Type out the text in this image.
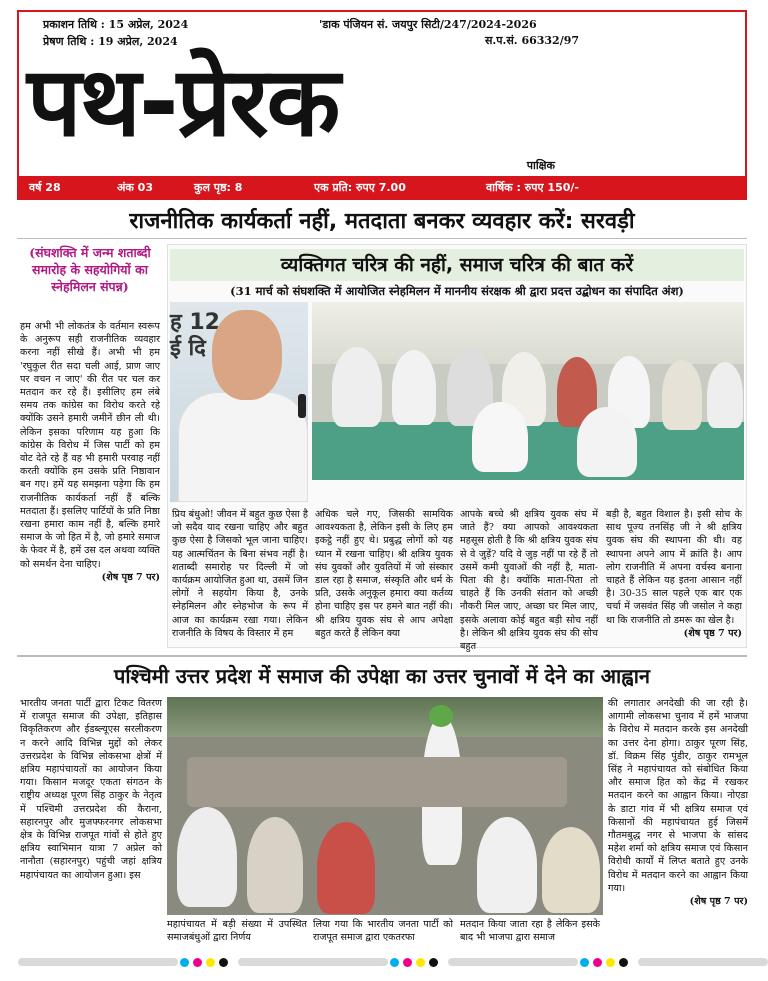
प्रकाशन तिथि : 15 अप्रेल, 2024
प्रेषण तिथि : 19 अप्रेल, 2024
'डाक पंजियन सं. जयपुर सिटी/247/2024-2026
स.प.सं. 66332/97
पथ-प्रेरक
पाक्षिक
वर्ष 28	अंक 03	कुल पृष्ठ: 8	एक प्रति: रुपए 7.00	वार्षिक : रुपए 150/-
राजनीतिक कार्यकर्ता नहीं, मतदाता बनकर व्यवहार करें: सरवड़ी
(संघशक्ति में जन्म शताब्दी समारोह के सहयोगियों का स्नेहमिलन संपन्न)
हम अभी भी लोकतंत्र के वर्तमान स्वरूप के अनुरूप सही राजनीतिक व्यवहार करना नहीं सीखे हैं। अभी भी हम 'रघुकुल रीत सदा चली आई, प्राण जाए पर वचन न जाए' की रीत पर चल कर मतदान कर रहे हैं। इसीलिए हम लंबे समय तक कांग्रेस का विरोध करते रहे क्योंकि उसने हमारी जमीनें छीन ली थी। लेकिन इसका परिणाम यह हुआ कि कांग्रेस के विरोध में जिस पार्टी को हम वोट देते रहे हैं वह भी हमारी परवाह नहीं करती क्योंकि हम उसके प्रति निष्ठावान बन गए। हमें यह समझना पड़ेगा कि हम राजनीतिक कार्यकर्ता नहीं हैं बल्कि मतदाता हैं। इसलिए पार्टियों के प्रति निष्ठा रखना हमारा काम नहीं है, बल्कि हमारे समाज के जो हित में है, जो हमारे समाज के फेवर में है, हमें उस दल अथवा व्यक्ति को समर्थन देना चाहिए।
(शेष पृष्ठ 7 पर)
व्यक्तिगत चरित्र की नहीं, समाज चरित्र की बात करें
(31 मार्च को संघशक्ति में आयोजित स्नेहमिलन में माननीय संरक्षक श्री द्वारा प्रदत्त उद्बोधन का संपादित अंश)
ह 12
ई दि
प्रिय बंधुओ! जीवन में बहुत कुछ ऐसा है जो सदैव याद रखना चाहिए और बहुत कुछ ऐसा है जिसको भूल जाना चाहिए। यह आत्मचिंतन के बिना संभव नहीं है। शताब्दी समारोह पर दिल्ली में जो कार्यक्रम आयोजित हुआ था, उसमें जिन लोगों ने सहयोग किया है, उनके स्नेहमिलन और स्नेहभोज के रूप में आज का कार्यक्रम रखा गया। लेकिन राजनीति के विषय के विस्तार में हम
अधिक चले गए, जिसकी सामयिक आवश्यकता है, लेकिन इसी के लिए हम इकट्ठे नहीं हुए थे। प्रबुद्ध लोगों को यह ध्यान में रखना चाहिए। श्री क्षत्रिय युवक संघ युवकों और युवतियों में जो संस्कार डाल रहा है समाज, संस्कृति और धर्म के प्रति, उसके अनुकूल हमारा क्या कर्तव्य होना चाहिए इस पर हमने बात नहीं की। श्री क्षत्रिय युवक संघ से आप अपेक्षा बहुत करते हैं लेकिन क्या
आपके बच्चे श्री क्षत्रिय युवक संघ में जाते हैं? क्या आपको आवश्यकता महसूस होती है कि श्री क्षत्रिय युवक संघ से वे जुड़ें? यदि वे जुड़ नहीं पा रहे हैं तो उसमें कमी युवाओं की नहीं है, माता-पिता की है। क्योंकि माता-पिता तो चाहते हैं कि उनकी संतान को अच्छी नौकरी मिल जाए, अच्छा घर मिल जाए, इसके अलावा कोई बहुत बड़ी सोच नहीं है। लेकिन श्री क्षत्रिय युवक संघ की सोच बहुत
बड़ी है, बहुत विशाल है। इसी सोच के साथ पूज्य तनसिंह जी ने श्री क्षत्रिय युवक संघ की स्थापना की थी। वह स्थापना अपने आप में क्रांति है। आप लोग राजनीति में अपना वर्चस्व बनाना चाहते हैं लेकिन यह इतना आसान नहीं है। 30-35 साल पहले एक बार एक चर्चा में जसवंत सिंह जी जसोल ने कहा था कि राजनीति तो डमरू का खेल है।
(शेष पृष्ठ 7 पर)
पश्चिमी उत्तर प्रदेश में समाज की उपेक्षा का उत्तर चुनावों में देने का आह्वान
भारतीय जनता पार्टी द्वारा टिकट वितरण में राजपूत समाज की उपेक्षा, इतिहास विकृतिकरण और ईडब्ल्यूएस सरलीकरण न करने आदि विभिन्न मुद्दों को लेकर उत्तरप्रदेश के विभिन्न लोकसभा क्षेत्रों में क्षत्रिय महापंचायतों का आयोजन किया गया। किसान मजदूर एकता संगठन के राष्ट्रीय अध्यक्ष पूरण सिंह ठाकुर के नेतृत्व में पश्चिमी उत्तरप्रदेश की कैराना, सहारनपुर और मुजफ्फरनगर लोकसभा क्षेत्र के विभिन्न राजपूत गांवों से होते हुए क्षत्रिय स्वाभिमान यात्रा 7 अप्रेल को नानौता (सहारनपुर) पहुंची जहां क्षत्रिय महापंचायत का आयोजन हुआ। इस
महापंचायत में बड़ी संख्या में उपस्थित समाजबंधुओं द्वारा निर्णय
लिया गया कि भारतीय जनता पार्टी को राजपूत समाज द्वारा एकतरफा
मतदान किया जाता रहा है लेकिन इसके बाद भी भाजपा द्वारा समाज
की लगातार अनदेखी की जा रही है। आगामी लोकसभा चुनाव में हमें भाजपा के विरोध में मतदान करके इस अनदेखी का उत्तर देना होगा। ठाकुर पूरण सिंह, डॉ. विक्रम सिंह पुंडीर, ठाकुर रामभूल सिंह ने महापंचायत को संबोधित किया और समाज हित को केंद्र में रखकर मतदान करने का आह्वान किया। नोएडा के डाटा गांव में भी क्षत्रिय समाज एवं किसानों की महापंचायत हुई जिसमें गौतमबुद्ध नगर से भाजपा के सांसद महेश शर्मा को क्षत्रिय समाज एवं किसान विरोधी कार्यों में लिप्त बताते हुए उनके विरोध में मतदान करने का आह्वान किया गया।
(शेष पृष्ठ 7 पर)
